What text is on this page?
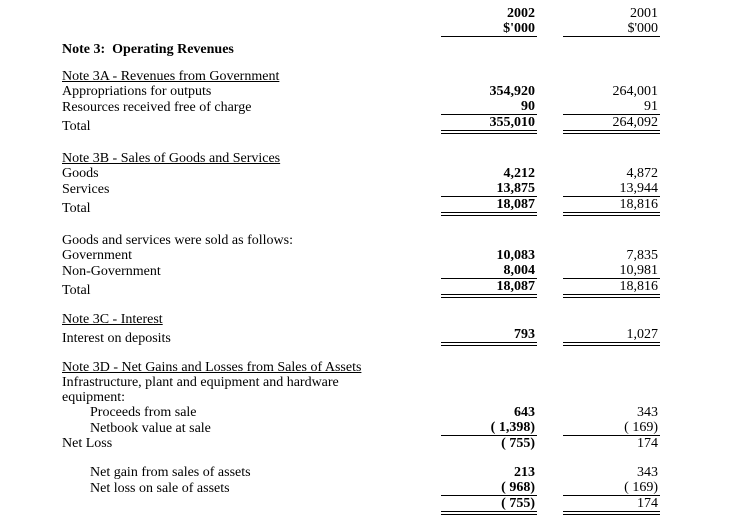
2002	2001
$'000	$'000
Note 3:  Operating Revenues
Note 3A - Revenues from Government
Appropriations for outputs	354,920	264,001
Resources received free of charge	90	91
Total	355,010	264,092
Note 3B - Sales of Goods and Services
Goods	4,212	4,872
Services	13,875	13,944
Total	18,087	18,816
Goods and services were sold as follows:
Government	10,083	7,835
Non-Government	8,004	10,981
Total	18,087	18,816
Note 3C - Interest
Interest on deposits	793	1,027
Note 3D - Net Gains and Losses from Sales of Assets
Infrastructure, plant and equipment and hardware
equipment:
Proceeds from sale	643	343
Netbook value at sale	( 1,398)	( 169)
Net Loss	( 755)	174
Net gain from sales of assets	213	343
Net loss on sale of assets	( 968)	( 169)
( 755)	174
